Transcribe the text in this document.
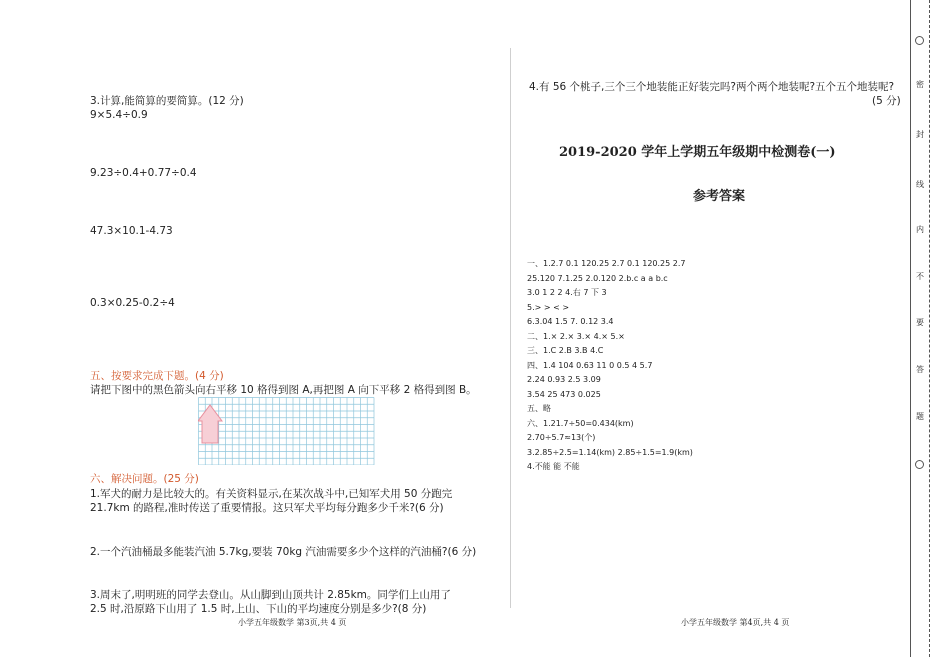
3.计算,能简算的要简算。(12 分)
9×5.4÷0.9
9.23÷0.4+0.77÷0.4
47.3×10.1-4.73
0.3×0.25-0.2÷4
五、按要求完成下题。(4 分)
请把下图中的黑色箭头向右平移 10 格得到图 A,再把图 A 向下平移 2 格得到图 B。
六、解决问题。(25 分)
1.军犬的耐力是比较大的。有关资料显示,在某次战斗中,已知军犬用 50 分跑完
21.7km 的路程,准时传送了重要情报。这只军犬平均每分跑多少千米?(6 分)
2.一个汽油桶最多能装汽油 5.7kg,要装 70kg 汽油需要多少个这样的汽油桶?(6 分)
3.周末了,明明班的同学去登山。从山脚到山顶共计 2.85km。同学们上山用了
2.5 时,沿原路下山用了 1.5 时,上山、下山的平均速度分别是多少?(8 分)
小学五年级数学 第3页,共 4 页
4.有 56 个桃子,三个三个地装能正好装完吗?两个两个地装呢?五个五个地装呢?
(5 分)
2019-2020 学年上学期五年级期中检测卷(一)
参考答案
一、1.2.7 0.1 120.25 2.7 0.1 120.25 2.7
25.120 7.1.25 2.0.120 2.b.c a a b.c
3.0 1 2 2 4.右 7 下 3
5.> > < >
6.3.04 1.5 7. 0.12 3.4
二、1.× 2.× 3.× 4.× 5.×
三、1.C 2.B 3.B 4.C
四、1.4 104 0.63 11 0 0.5 4 5.7
2.24 0.93 2.5 3.09
3.54 25 473 0.025
五、略
六、1.21.7÷50=0.434(km)
2.70÷5.7≈13(个)
3.2.85÷2.5=1.14(km) 2.85÷1.5=1.9(km)
4.不能 能 不能
小学五年级数学 第4页,共 4 页
密
封
线
内
不
要
答
题
